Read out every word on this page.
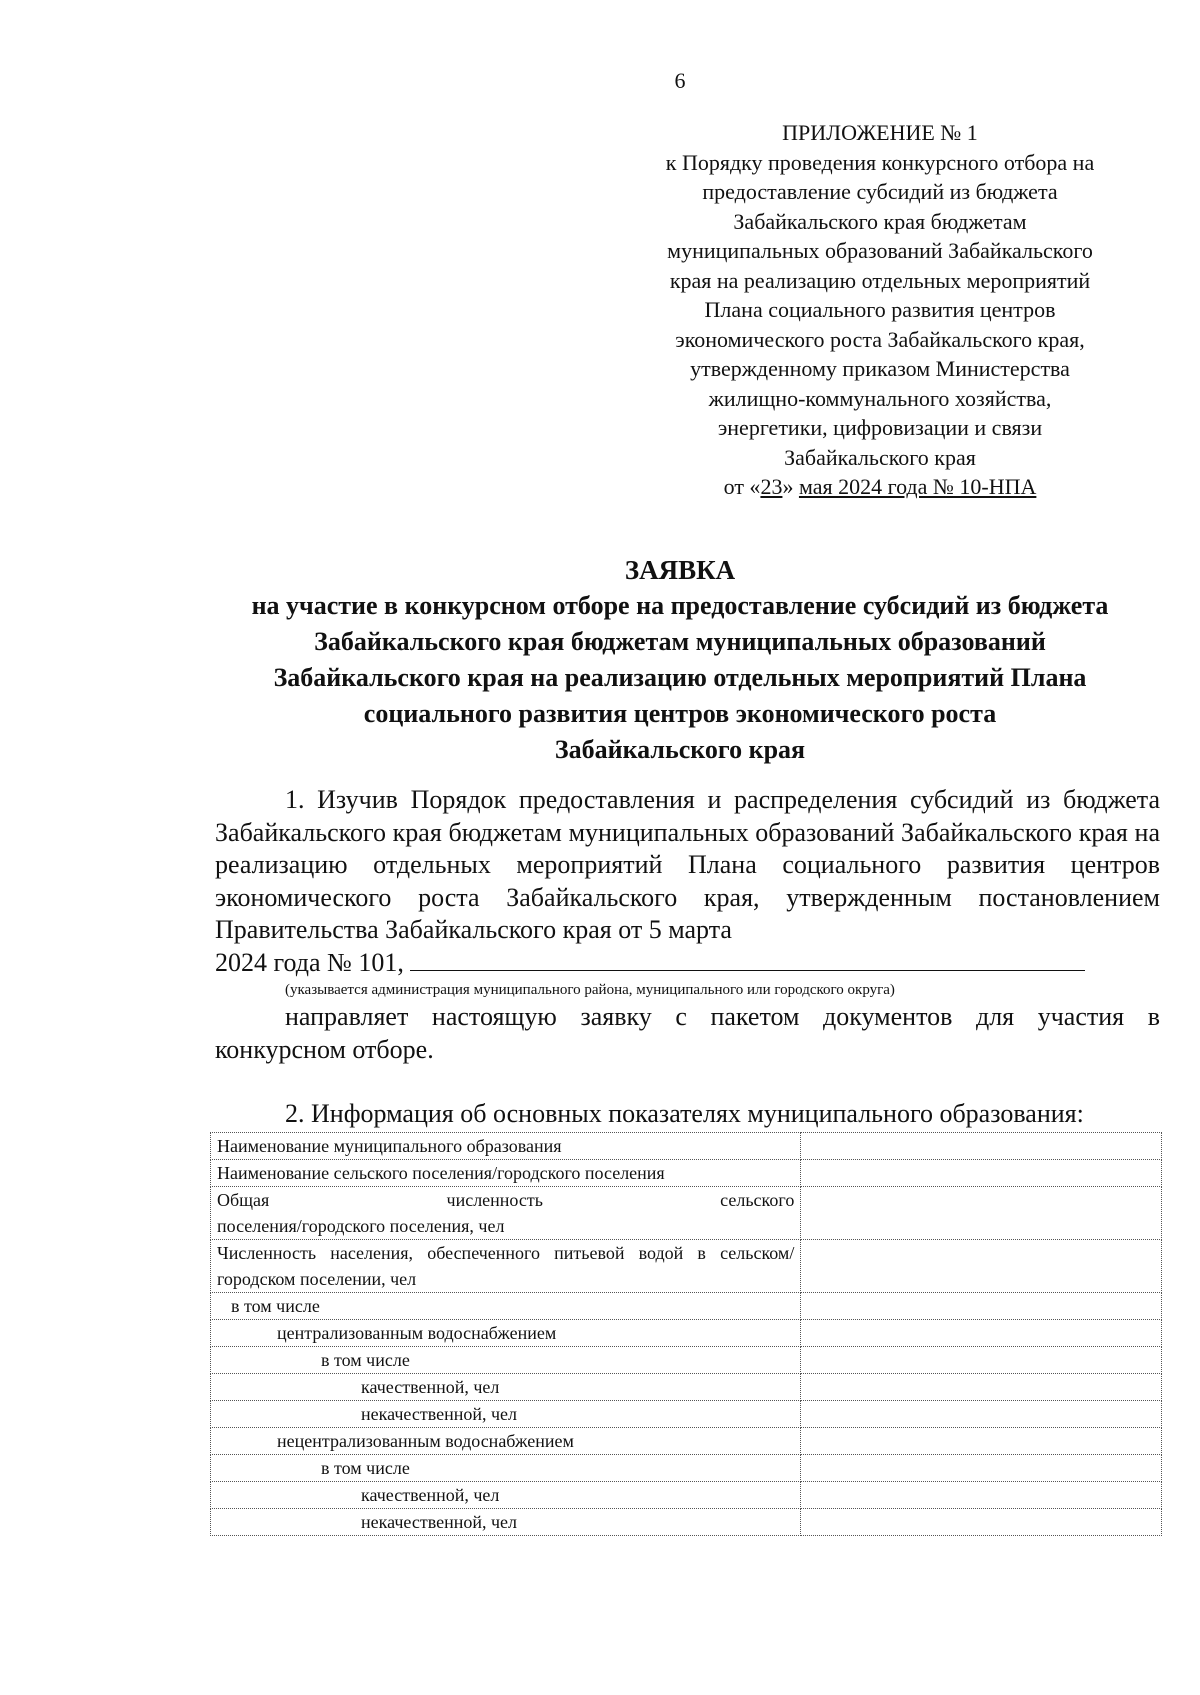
6
ПРИЛОЖЕНИЕ № 1
к Порядку проведения конкурсного отбора на
предоставление субсидий из бюджета
Забайкальского края бюджетам
муниципальных образований Забайкальского
края на реализацию отдельных мероприятий
Плана социального развития центров
экономического роста Забайкальского края,
утвержденному приказом Министерства
жилищно-коммунального хозяйства,
энергетики, цифровизации и связи
Забайкальского края
от «23» мая 2024 года № 10-НПА
ЗАЯВКА
на участие в конкурсном отборе на предоставление субсидий из бюджета
Забайкальского края бюджетам муниципальных образований
Забайкальского края на реализацию отдельных мероприятий Плана
социального развития центров экономического роста
Забайкальского края
1. Изучив Порядок предоставления и распределения субсидий из бюджета Забайкальского края бюджетам муниципальных образований Забайкальского края на реализацию отдельных мероприятий Плана социального развития центров экономического роста Забайкальского края, утвержденным постановлением Правительства Забайкальского края от 5 марта
2024 года № 101,
(указывается администрация муниципального района, муниципального или городского округа)
направляет настоящую заявку с пакетом документов для участия в конкурсном отборе.
2. Информация об основных показателях муниципального образования:
Наименование муниципального образования	
Наименование сельского поселения/городского поселения	

Общая численность сельского
поселения/городского поселения, чел	

Численность населения, обеспеченного питьевой водой в сельском/городском поселении, чел	
в том числе	
централизованным водоснабжением	
в том числе	
качественной, чел	
некачественной, чел	
нецентрализованным водоснабжением	
в том числе	
качественной, чел	
некачественной, чел	
